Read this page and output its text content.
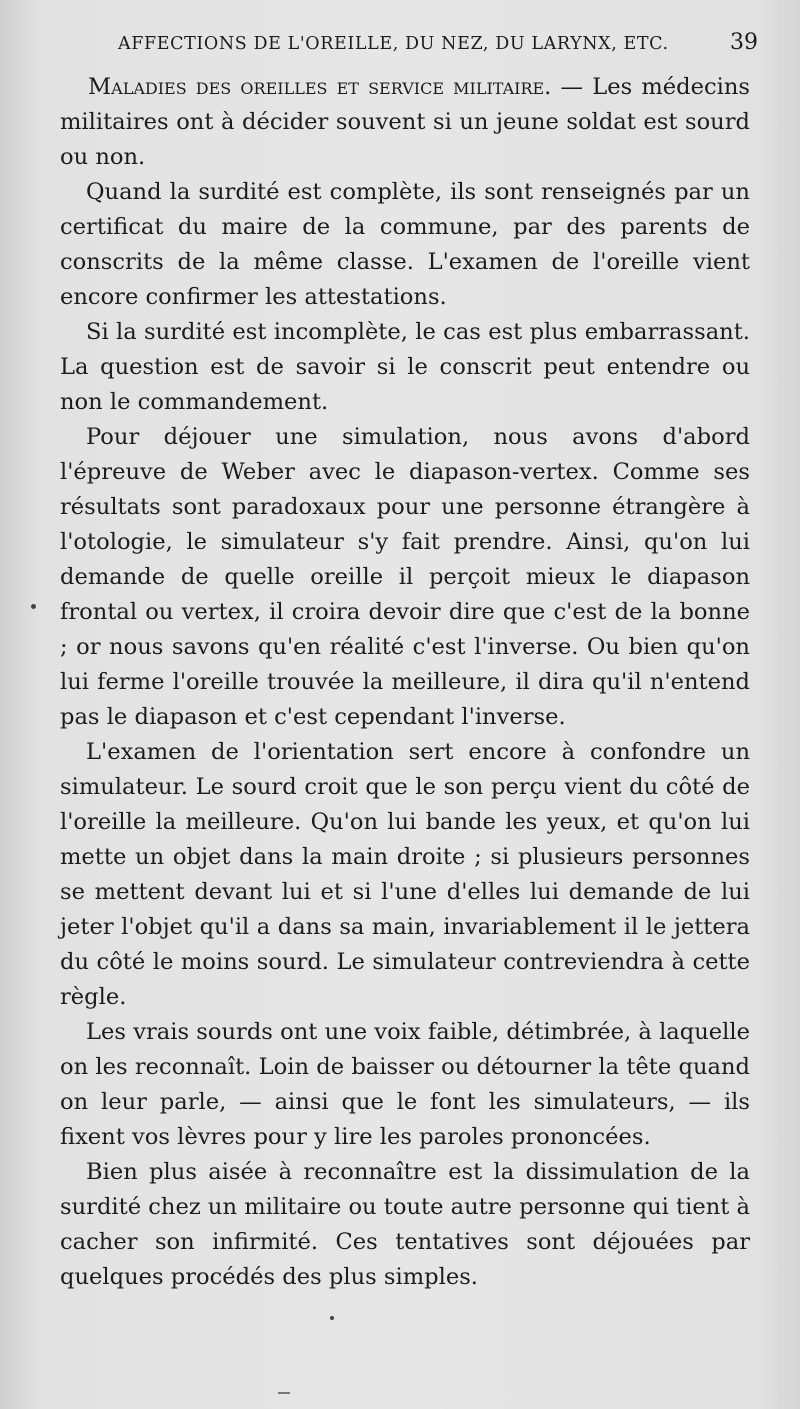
AFFECTIONS DE L'OREILLE, DU NEZ, DU LARYNX, ETC.	39

Maladies des oreilles et service militaire. — Les médecins militaires ont à décider souvent si un jeune soldat est sourd ou non.

Quand la surdité est complète, ils sont renseignés par un certificat du maire de la commune, par des parents de conscrits de la même classe. L'examen de l'oreille vient encore confirmer les attestations.

Si la surdité est incomplète, le cas est plus embarrassant. La question est de savoir si le conscrit peut entendre ou non le commandement.

Pour déjouer une simulation, nous avons d'abord l'épreuve de Weber avec le diapason-vertex. Comme ses résultats sont paradoxaux pour une personne étrangère à l'otologie, le simulateur s'y fait prendre. Ainsi, qu'on lui demande de quelle oreille il perçoit mieux le diapason frontal ou vertex, il croira devoir dire que c'est de la bonne ; or nous savons qu'en réalité c'est l'inverse. Ou bien qu'on lui ferme l'oreille trouvée la meilleure, il dira qu'il n'entend pas le diapason et c'est cependant l'inverse.

L'examen de l'orientation sert encore à confondre un simulateur. Le sourd croit que le son perçu vient du côté de l'oreille la meilleure. Qu'on lui bande les yeux, et qu'on lui mette un objet dans la main droite ; si plusieurs personnes se mettent devant lui et si l'une d'elles lui demande de lui jeter l'objet qu'il a dans sa main, invariablement il le jettera du côté le moins sourd. Le simulateur contreviendra à cette règle.

Les vrais sourds ont une voix faible, détimbrée, à laquelle on les reconnaît. Loin de baisser ou détourner la tête quand on leur parle, — ainsi que le font les simulateurs, — ils fixent vos lèvres pour y lire les paroles prononcées.

Bien plus aisée à reconnaître est la dissimulation de la surdité chez un militaire ou toute autre personne qui tient à cacher son infirmité. Ces tentatives sont déjouées par quelques procédés des plus simples.
